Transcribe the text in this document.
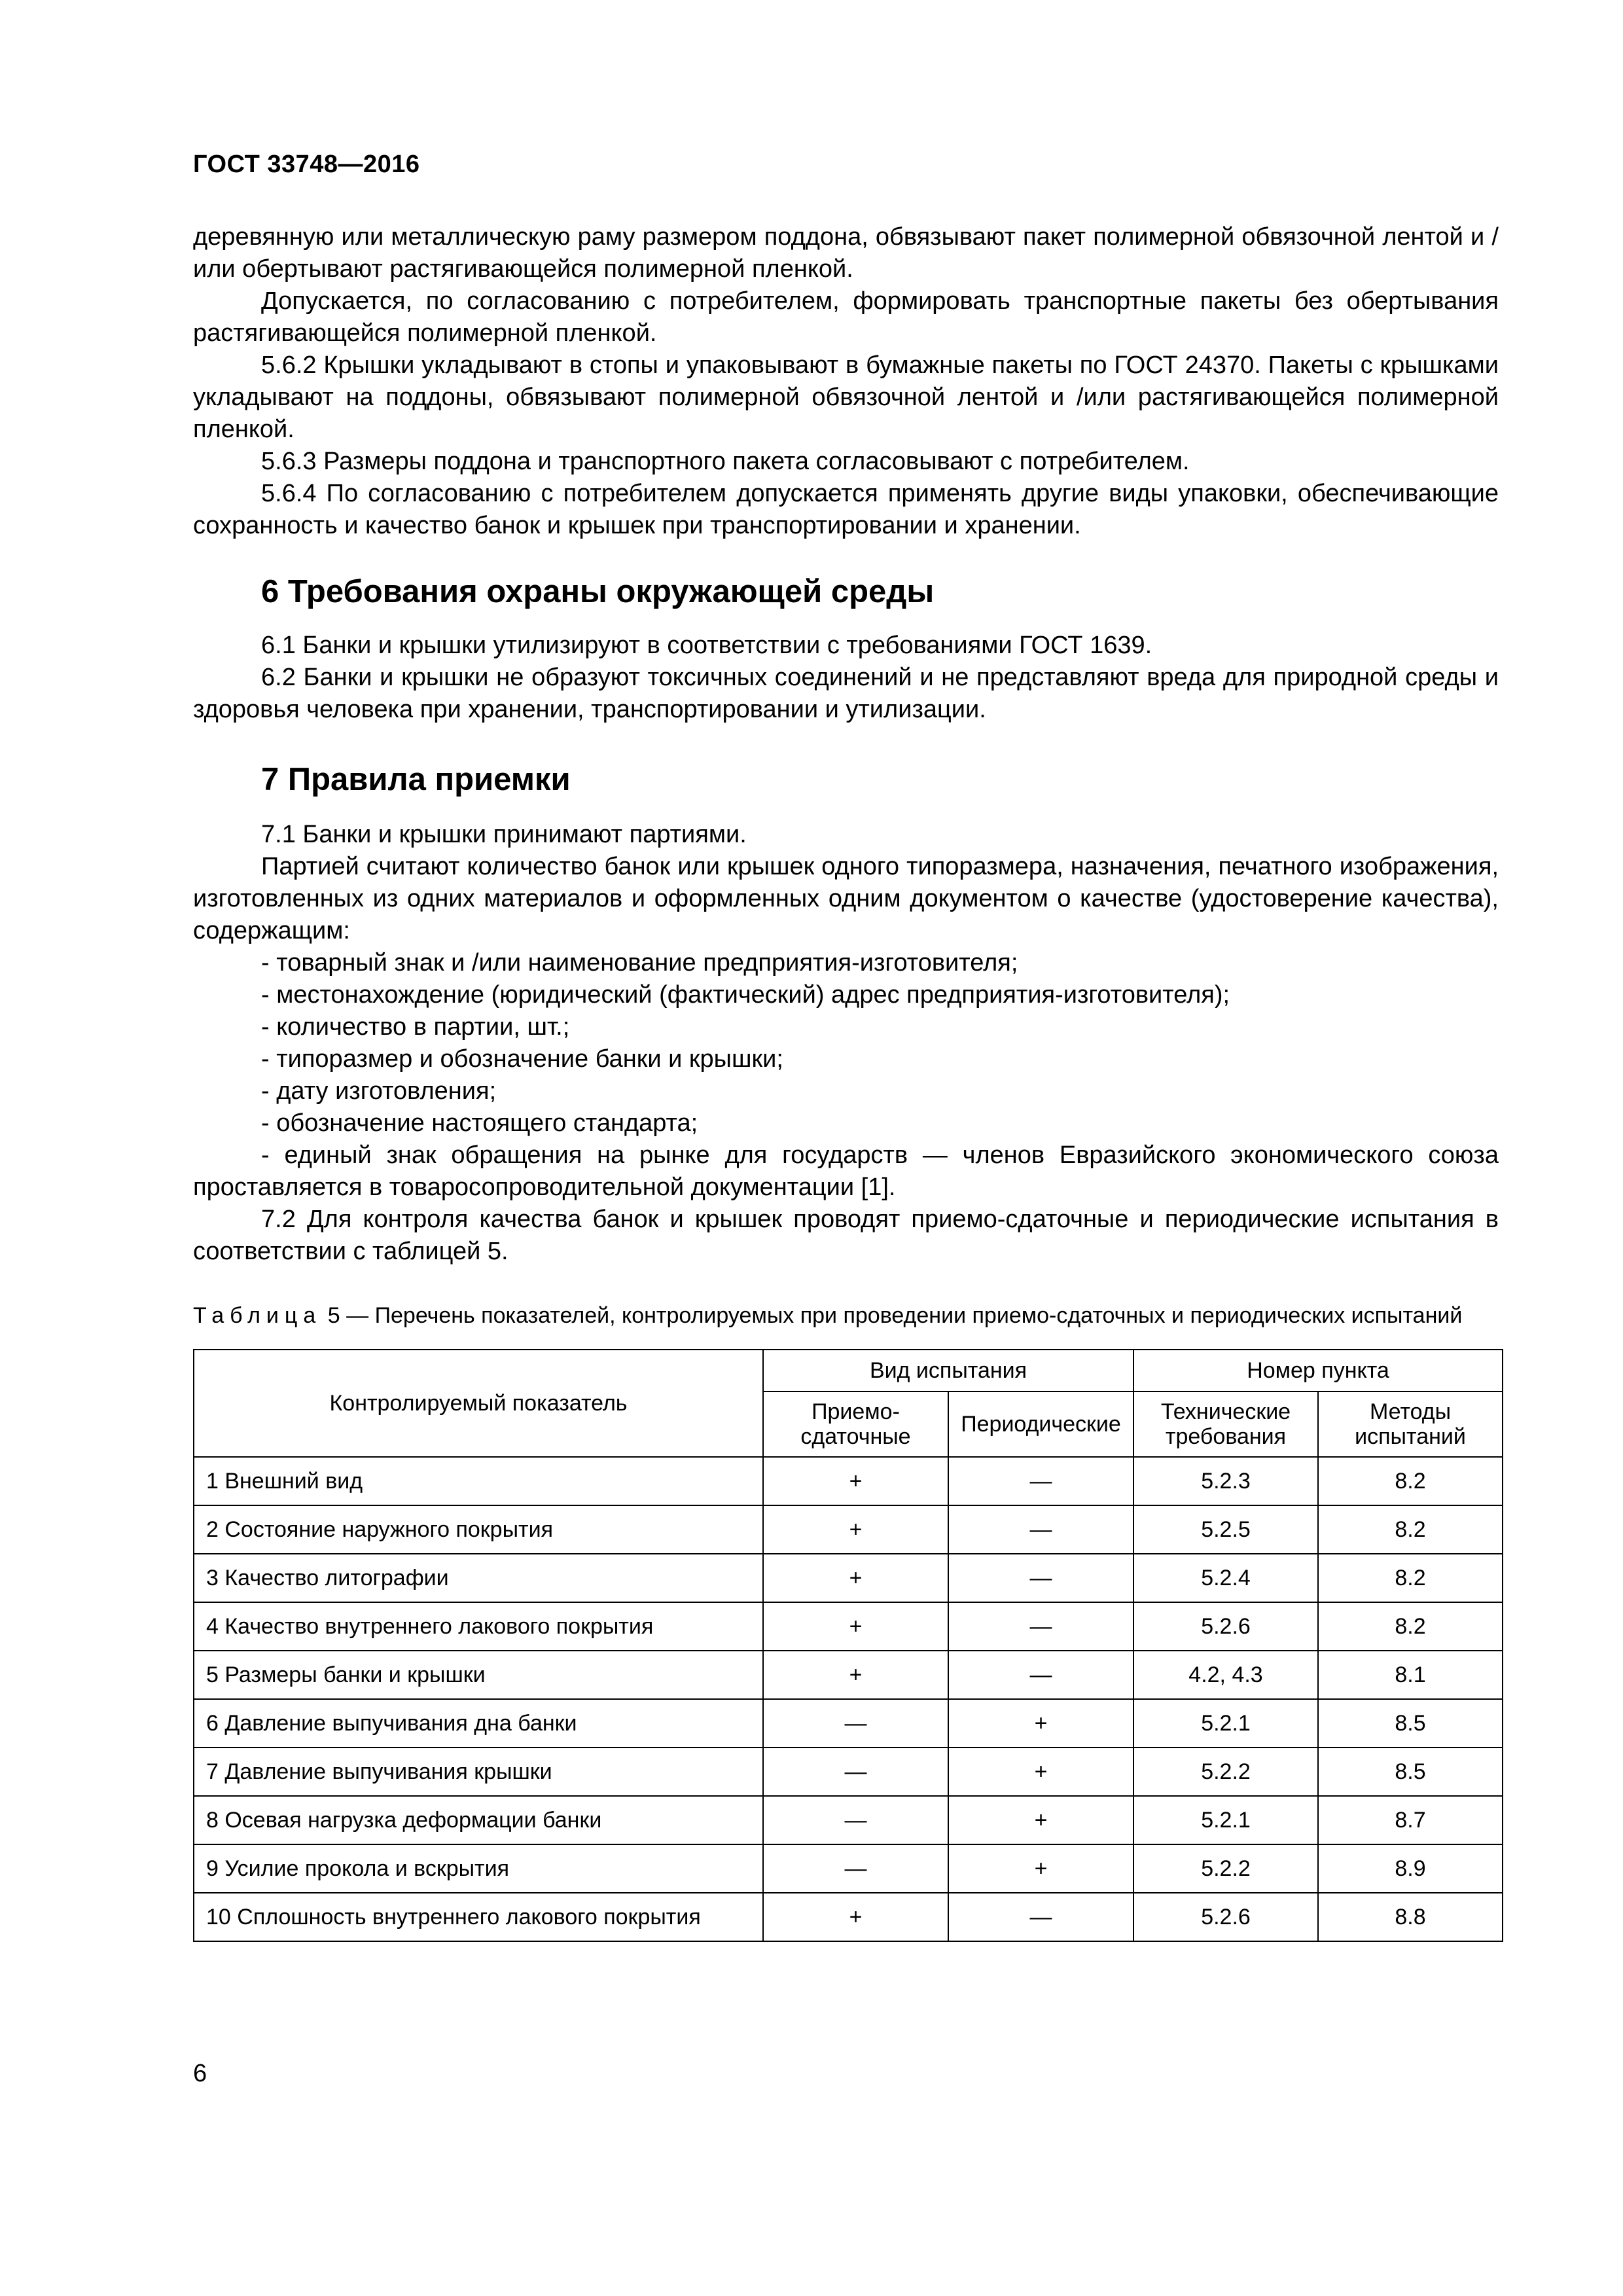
ГОСТ 33748—2016

деревянную или металлическую раму размером поддона, обвязывают пакет полимерной обвязочной лентой и /или обертывают растягивающейся полимерной пленкой.

Допускается, по согласованию с потребителем, формировать транспортные пакеты без обертывания растягивающейся полимерной пленкой.

5.6.2 Крышки укладывают в стопы и упаковывают в бумажные пакеты по ГОСТ 24370. Пакеты с крышками укладывают на поддоны, обвязывают полимерной обвязочной лентой и /или растягивающейся полимерной пленкой.

5.6.3 Размеры поддона и транспортного пакета согласовывают с потребителем.

5.6.4 По согласованию с потребителем допускается применять другие виды упаковки, обеспечивающие сохранность и качество банок и крышек при транспортировании и хранении.

6 Требования охраны окружающей среды

6.1 Банки и крышки утилизируют в соответствии с требованиями ГОСТ 1639.

6.2 Банки и крышки не образуют токсичных соединений и не представляют вреда для природной среды и здоровья человека при хранении, транспортировании и утилизации.

7 Правила приемки

7.1 Банки и крышки принимают партиями.

Партией считают количество банок или крышек одного типоразмера, назначения, печатного изображения, изготовленных из одних материалов и оформленных одним документом о качестве (удостоверение качества), содержащим:

- товарный знак и /или наименование предприятия-изготовителя;

- местонахождение (юридический (фактический) адрес предприятия-изготовителя);

- количество в партии, шт.;

- типоразмер и обозначение банки и крышки;

- дату изготовления;

- обозначение настоящего стандарта;

- единый знак обращения на рынке для государств — членов Евразийского экономического союза проставляется в товаросопроводительной документации [1].

7.2 Для контроля качества банок и крышек проводят приемо-сдаточные и периодические испытания в соответствии с таблицей 5.

Таблица 5 — Перечень показателей, контролируемых при проведении приемо-сдаточных и периодических испытаний
Контролируемый показатель	Вид испытания		Номер пункта	
	Приемо-сдаточные	Периодические	Технические требования	Методы испытаний
1 Внешний вид	+	—	5.2.3	8.2
2 Состояние наружного покрытия	+	—	5.2.5	8.2
3 Качество литографии	+	—	5.2.4	8.2
4 Качество внутреннего лакового покрытия	+	—	5.2.6	8.2
5 Размеры банки и крышки	+	—	4.2, 4.3	8.1
6 Давление выпучивания дна банки	—	+	5.2.1	8.5
7 Давление выпучивания крышки	—	+	5.2.2	8.5
8 Осевая нагрузка деформации банки	—	+	5.2.1	8.7
9 Усилие прокола и вскрытия	—	+	5.2.2	8.9
10 Сплошность внутреннего лакового покрытия	+	—	5.2.6	8.8
6
